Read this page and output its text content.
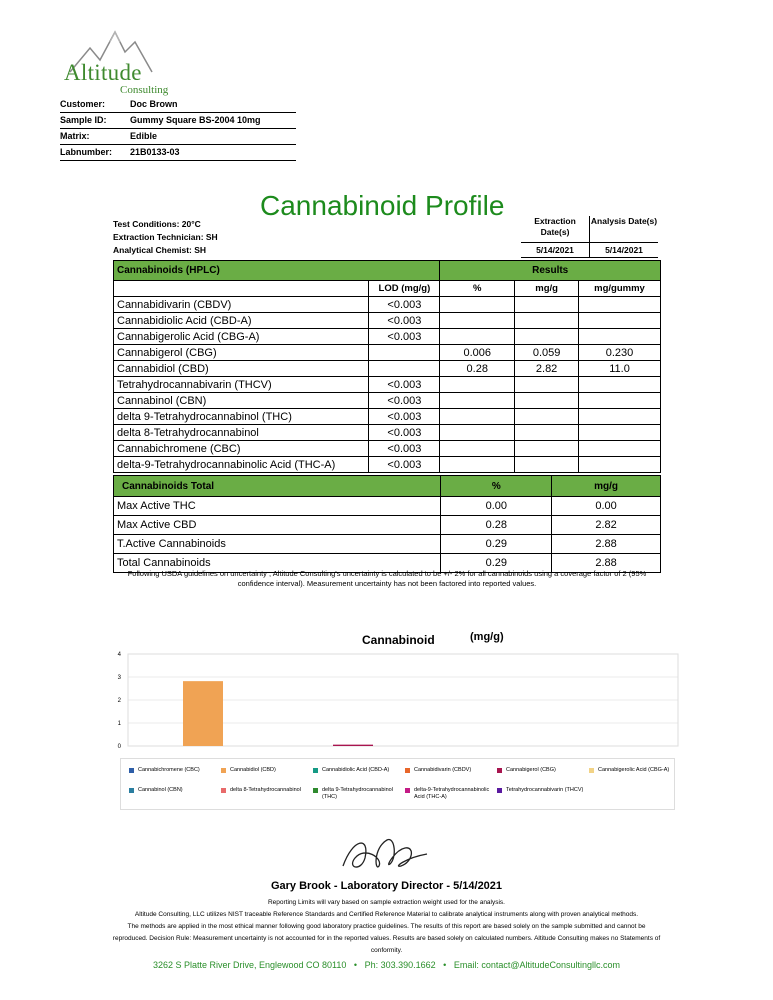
Altitude
Consulting
Customer:	Doc Brown
Sample ID:	Gummy Square BS-2004 10mg
Matrix:	Edible
Labnumber:	21B0133-03
Cannabinoid Profile
Test Conditions: 20°C
Extraction Technician: SH
Analytical Chemist: SH
Extraction Date(s)
Analysis Date(s)
5/14/2021	5/14/2021
Cannabinoids (HPLC)		Results		
	LOD (mg/g)	%	mg/g	mg/gummy
Cannabidivarin (CBDV)	<0.003			
Cannabidiolic Acid (CBD-A)	<0.003			
Cannabigerolic Acid (CBG-A)	<0.003			
Cannabigerol (CBG)		0.006	0.059	0.230
Cannabidiol (CBD)		0.28	2.82	11.0
Tetrahydrocannabivarin (THCV)	<0.003			
Cannabinol (CBN)	<0.003			
delta 9-Tetrahydrocannabinol (THC)	<0.003			
delta 8-Tetrahydrocannabinol	<0.003			
Cannabichromene (CBC)	<0.003			
delta-9-Tetrahydrocannabinolic Acid (THC-A)	<0.003			
Cannabinoids Total	%	mg/g
Max Active THC	0.00	0.00
Max Active CBD	0.28	2.82
T.Active Cannabinoids	0.29	2.88
Total Cannabinoids	0.29	2.88
Following USDA guidelines on uncertainty , Altitude Consulting's uncertainty is calculated to be +/- 2% for all cannabinoids using a coverage factor of 2 (95% confidence interval). Measurement uncertainty has not been factored into reported values.
Cannabinoid	(mg/g)
0
1
2
3
4
Cannabichromene (CBC)	Cannabidiol (CBD)	Cannabidiolic Acid (CBD-A)	Cannabidivarin (CBDV)	Cannabigerol (CBG)	Cannabigerolic Acid (CBG-A)
Cannabinol (CBN)	delta 8-Tetrahydrocannabinol	delta 9-Tetrahydrocannabinol (THC)
delta-9-Tetrahydrocannabinolic Acid (THC-A)
Tetrahydrocannabivarin (THCV)
Gary Brook - Laboratory Director - 5/14/2021
Reporting Limits will vary based on sample extraction weight used for the analysis.
Altitude Consulting, LLC utilizes NIST traceable Reference Standards and Certified Reference Material to calibrate analytical instruments along with proven analytical methods.
The methods are applied in the most ethical manner following good laboratory practice guidelines. The results of this report are based solely on the sample submitted and cannot be reproduced. Decision Rule: Measurement uncertainty is not accounted for in the reported values. Results are based solely on calculated numbers. Altitude Consulting makes no Statements of conformity.
3262 S Platte River Drive, Englewood CO 80110 • Ph: 303.390.1662 • Email: contact@AltitudeConsultingllc.com
